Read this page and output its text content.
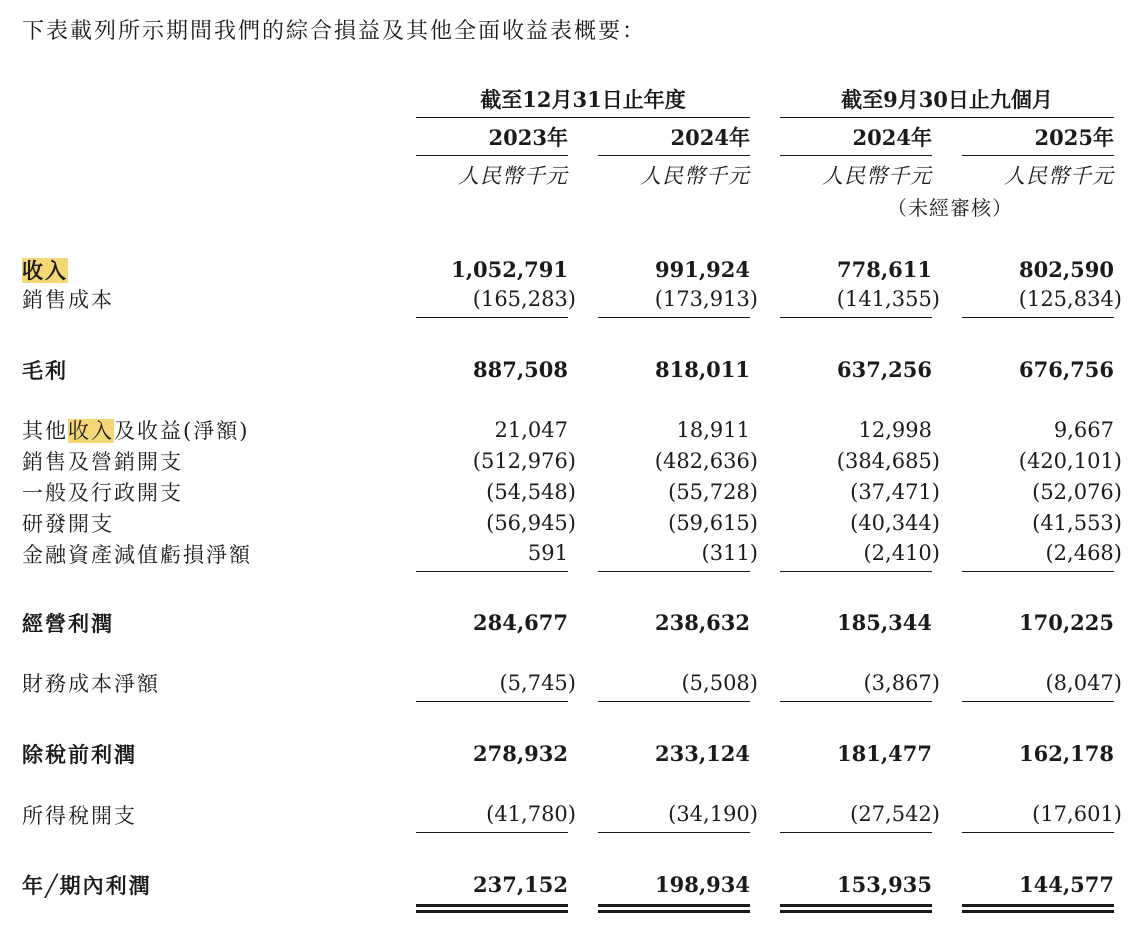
下表載列所示期間我們的綜合損益及其他全面收益表概要：
截至12月31日止年度	截至9月30日止九個月
2023年	2024年	2024年	2025年
人民幣千元	人民幣千元	人民幣千元	人民幣千元
（未經審核）
收入	1,052,791	991,924	778,611	802,590
銷售成本	(165,283)	(173,913)	(141,355)	(125,834)
毛利	887,508	818,011	637,256	676,756
其他收入及收益(淨額)	21,047	18,911	12,998	9,667
銷售及營銷開支	(512,976)	(482,636)	(384,685)	(420,101)
一般及行政開支	(54,548)	(55,728)	(37,471)	(52,076)
研發開支	(56,945)	(59,615)	(40,344)	(41,553)
金融資產減值虧損淨額	591	(311)	(2,410)	(2,468)
經營利潤	284,677	238,632	185,344	170,225
財務成本淨額	(5,745)	(5,508)	(3,867)	(8,047)
除稅前利潤	278,932	233,124	181,477	162,178
所得稅開支	(41,780)	(34,190)	(27,542)	(17,601)
年╱期內利潤	237,152	198,934	153,935	144,577
